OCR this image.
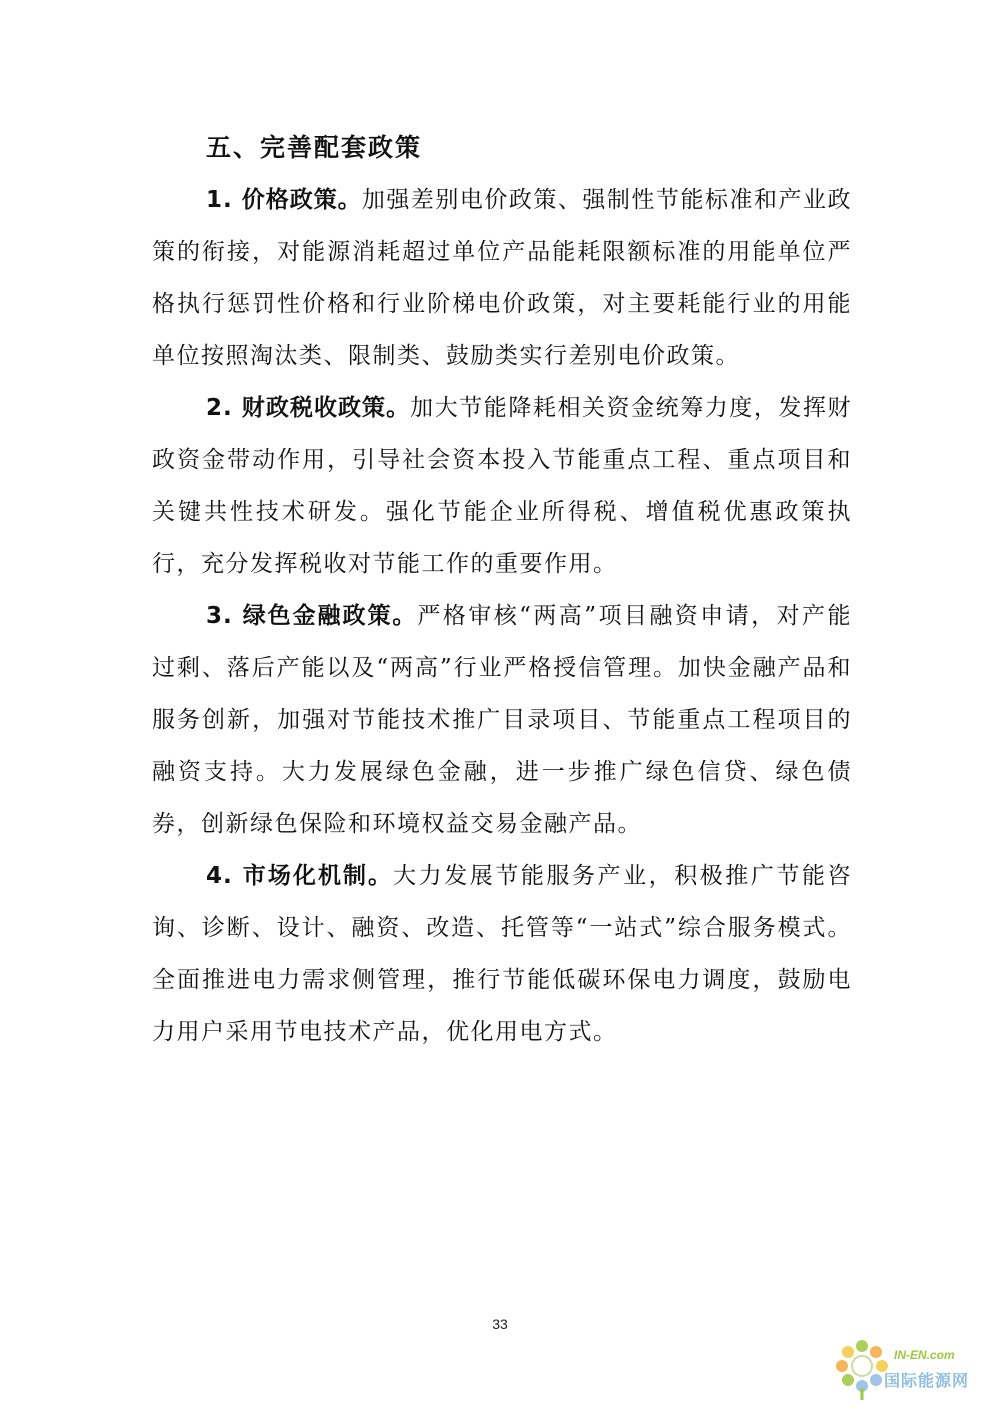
五、完善配套政策

1. 价格政策。加强差别电价政策、强制性节能标准和产业政策的衔接，对能源消耗超过单位产品能耗限额标准的用能单位严格执行惩罚性价格和行业阶梯电价政策，对主要耗能行业的用能单位按照淘汰类、限制类、鼓励类实行差别电价政策。

2. 财政税收政策。加大节能降耗相关资金统筹力度，发挥财政资金带动作用，引导社会资本投入节能重点工程、重点项目和关键共性技术研发。强化节能企业所得税、增值税优惠政策执行，充分发挥税收对节能工作的重要作用。

3. 绿色金融政策。严格审核“两高”项目融资申请，对产能过剩、落后产能以及“两高”行业严格授信管理。加快金融产品和服务创新，加强对节能技术推广目录项目、节能重点工程项目的融资支持。大力发展绿色金融，进一步推广绿色信贷、绿色债券，创新绿色保险和环境权益交易金融产品。

4. 市场化机制。大力发展节能服务产业，积极推广节能咨询、诊断、设计、融资、改造、托管等“一站式”综合服务模式。全面推进电力需求侧管理，推行节能低碳环保电力调度，鼓励电力用户采用节电技术产品，优化用电方式。

33
IN-EN.com
国际能源网
